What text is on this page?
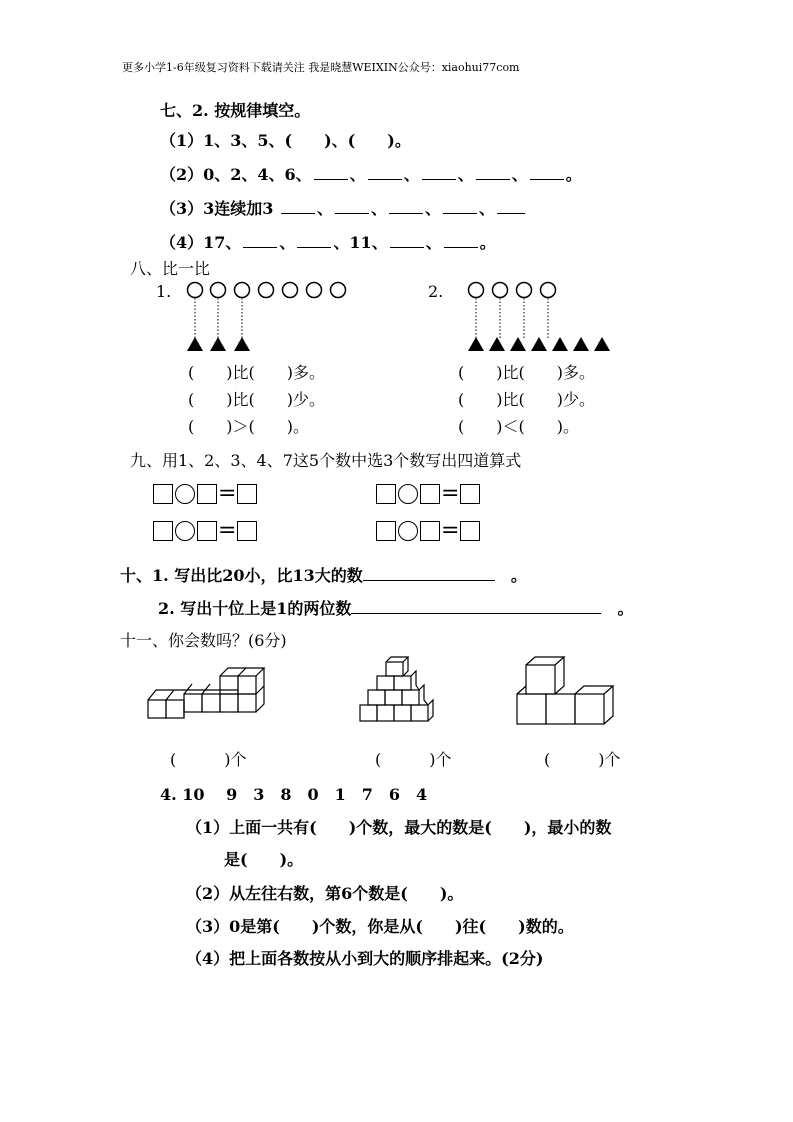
更多小学1-6年级复习资料下载请关注 我是晓慧WEIXIN公众号：xiaohui77com
七、2. 按规律填空。
（1）1、3、5、(　　)、(　　)。
（2）0、2、4、6、 、 、 、 、 。
（3）3连续加3	、 、 、 、
（4）17、 、 、11、 、 。
八、比一比
1.	2.
(　　)比(　　)多。
(　　)比(　　)少。
(　　)＞(　　)。
(　　)比(　　)多。
(　　)比(　　)少。
(　　)＜(　　)。
九、用1、2、3、4、7这5个数中选3个数写出四道算式
=	=
=	=
十、1. 写出比20小，比13大的数　	。
2. 写出十位上是1的两位数　	。
十一、你会数吗？(6分)
(　　　)个	(　　　)个	(　　　)个
4. 10　 9　3　8　0　1　7　6　4
（1）上面一共有(　　)个数，最大的数是(　　)，最小的数
是(　　)。
（2）从左往右数，第6个数是(　　)。
（3）0是第(　　)个数，你是从(　　)往(　　)数的。
（4）把上面各数按从小到大的顺序排起来。(2分)
